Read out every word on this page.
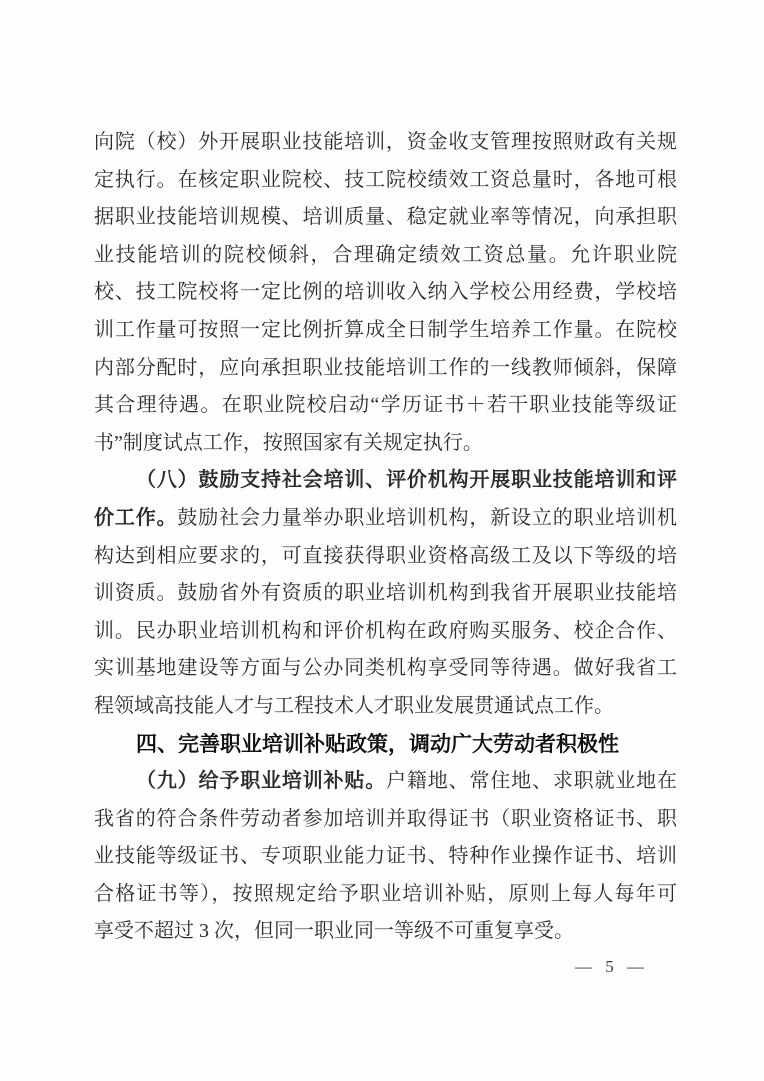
向院（校）外开展职业技能培训，资金收支管理按照财政有关规
定执行。在核定职业院校、技工院校绩效工资总量时，各地可根
据职业技能培训规模、培训质量、稳定就业率等情况，向承担职
业技能培训的院校倾斜，合理确定绩效工资总量。允许职业院
校、技工院校将一定比例的培训收入纳入学校公用经费，学校培
训工作量可按照一定比例折算成全日制学生培养工作量。在院校
内部分配时，应向承担职业技能培训工作的一线教师倾斜，保障
其合理待遇。在职业院校启动“学历证书＋若干职业技能等级证
书”制度试点工作，按照国家有关规定执行。
（八）鼓励支持社会培训、评价机构开展职业技能培训和评
价工作。鼓励社会力量举办职业培训机构，新设立的职业培训机
构达到相应要求的，可直接获得职业资格高级工及以下等级的培
训资质。鼓励省外有资质的职业培训机构到我省开展职业技能培
训。民办职业培训机构和评价机构在政府购买服务、校企合作、
实训基地建设等方面与公办同类机构享受同等待遇。做好我省工
程领域高技能人才与工程技术人才职业发展贯通试点工作。
四、完善职业培训补贴政策，调动广大劳动者积极性
（九）给予职业培训补贴。户籍地、常住地、求职就业地在
我省的符合条件劳动者参加培训并取得证书（职业资格证书、职
业技能等级证书、专项职业能力证书、特种作业操作证书、培训
合格证书等），按照规定给予职业培训补贴，原则上每人每年可
享受不超过 3 次，但同一职业同一等级不可重复享受。
— 5 —
